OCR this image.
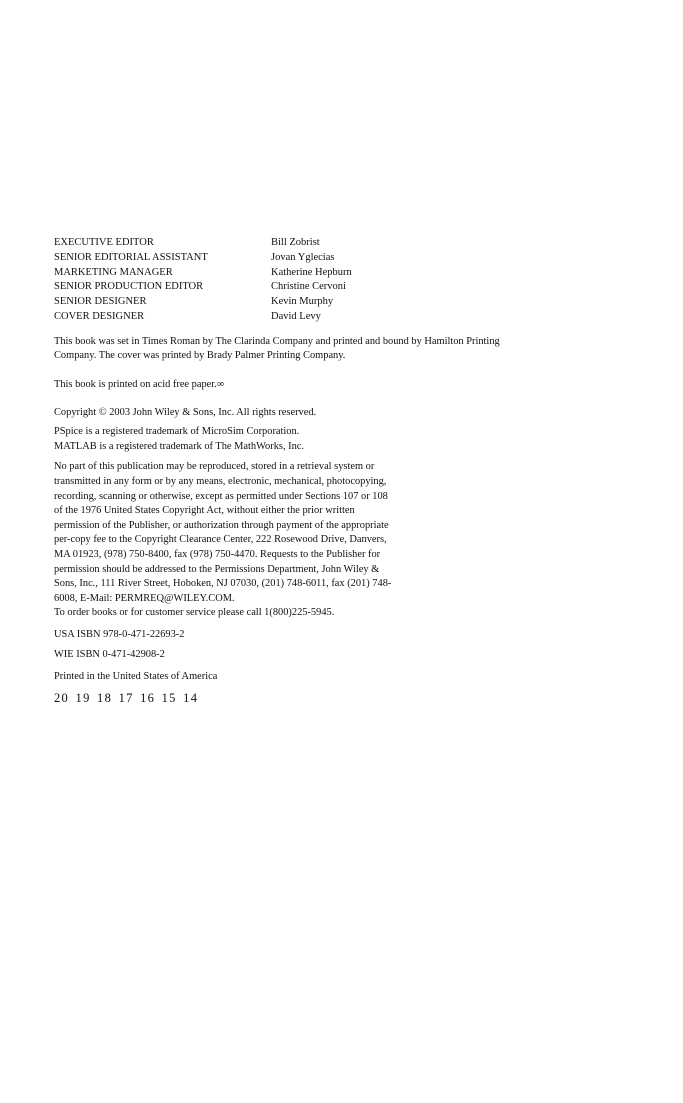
EXECUTIVE EDITOR	Bill Zobrist
SENIOR EDITORIAL ASSISTANT	Jovan Yglecias
MARKETING MANAGER	Katherine Hepburn
SENIOR PRODUCTION EDITOR	Christine Cervoni
SENIOR DESIGNER	Kevin Murphy
COVER DESIGNER	David Levy

This book was set in Times Roman by The Clarinda Company and printed and bound by Hamilton Printing
Company. The cover was printed by Brady Palmer Printing Company.

This book is printed on acid free paper.∞

Copyright © 2003 John Wiley & Sons, Inc. All rights reserved.

PSpice is a registered trademark of MicroSim Corporation.
MATLAB is a registered trademark of The MathWorks, Inc.

No part of this publication may be reproduced, stored in a retrieval system or
transmitted in any form or by any means, electronic, mechanical, photocopying,
recording, scanning or otherwise, except as permitted under Sections 107 or 108
of the 1976 United States Copyright Act, without either the prior written
permission of the Publisher, or authorization through payment of the appropriate
per-copy fee to the Copyright Clearance Center, 222 Rosewood Drive, Danvers,
MA 01923, (978) 750-8400, fax (978) 750-4470. Requests to the Publisher for
permission should be addressed to the Permissions Department, John Wiley &
Sons, Inc., 111 River Street, Hoboken, NJ 07030, (201) 748-6011, fax (201) 748-
6008, E-Mail: PERMREQ@WILEY.COM.
To order books or for customer service please call 1(800)225-5945.

USA ISBN 978-0-471-22693-2

WIE ISBN 0-471-42908-2

Printed in the United States of America

20 19 18 17 16 15 14
